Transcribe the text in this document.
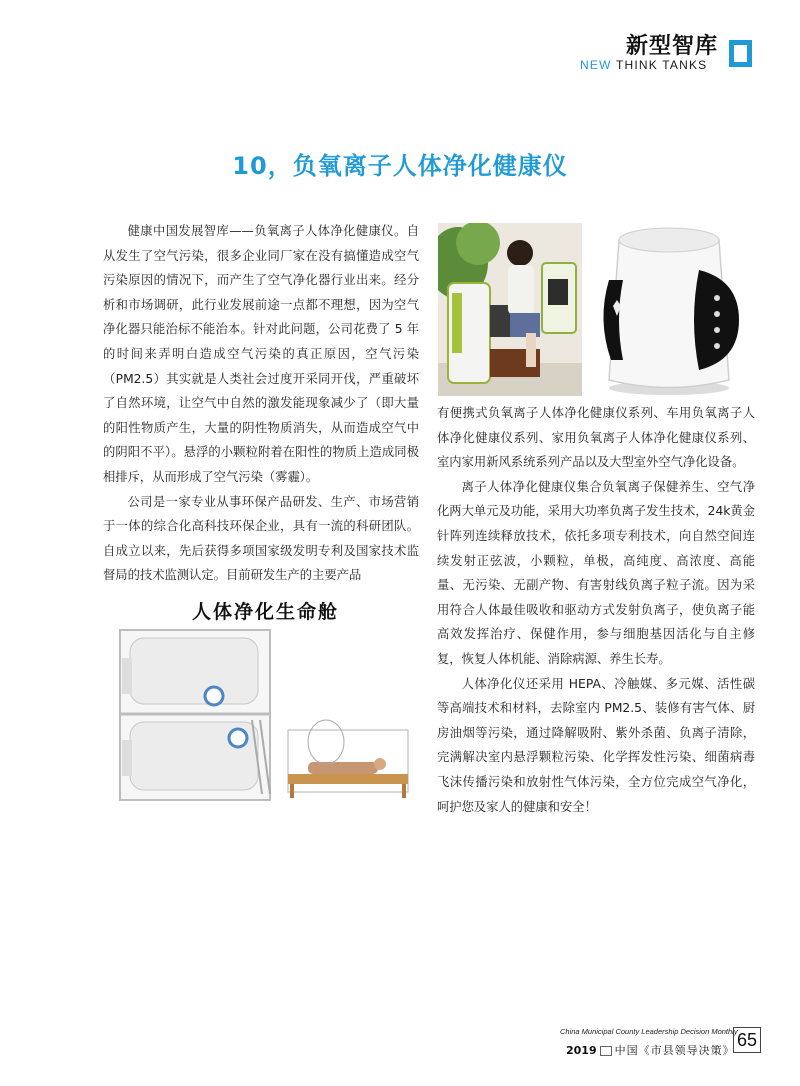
新型智库
NEW THINK TANKS
10，负氧离子人体净化健康仪

健康中国发展智库——负氧离子人体净化健康仪。自从发生了空气污染，很多企业同厂家在没有搞懂造成空气污染原因的情况下，而产生了空气净化器行业出来。经分析和市场调研，此行业发展前途一点都不理想，因为空气净化器只能治标不能治本。针对此问题，公司花费了 5 年的时间来弄明白造成空气污染的真正原因，空气污染（PM2.5）其实就是人类社会过度开采同开伐，严重破坏了自然环境，让空气中自然的激发能现象减少了（即大量的阳性物质产生，大量的阴性物质消失，从而造成空气中的阴阳不平）。悬浮的小颗粒附着在阳性的物质上造成同极相排斥，从而形成了空气污染（雾霾）。

公司是一家专业从事环保产品研发、生产、市场营销于一体的综合化高科技环保企业，具有一流的科研团队。自成立以来，先后获得多项国家级发明专利及国家技术监督局的技术监测认定。目前研发生产的主要产品

有便携式负氧离子人体净化健康仪系列、车用负氧离子人体净化健康仪系列、家用负氧离子人体净化健康仪系列、室内家用新风系统系列产品以及大型室外空气净化设备。

离子人体净化健康仪集合负氧离子保健养生、空气净化两大单元及功能，采用大功率负离子发生技术，24k黄金针阵列连续释放技术，依托多项专利技术，向自然空间连续发射正弦波，小颗粒，单极，高纯度、高浓度、高能量、无污染、无副产物、有害射线负离子粒子流。因为采用符合人体最佳吸收和驱动方式发射负离子，使负离子能高效发挥治疗、保健作用，参与细胞基因活化与自主修复，恢复人体机能、消除病源、养生长寿。

人体净化仪还采用 HEPA、冷触媒、多元媒、活性碳等高端技术和材料，去除室内 PM2.5、装修有害气体、厨房油烟等污染，通过降解吸附、紫外杀菌、负离子清除，完满解决室内悬浮颗粒污染、化学挥发性污染、细菌病毒飞沫传播污染和放射性气体污染，全方位完成空气净化，呵护您及家人的健康和安全！

人体净化生命舱
China Municipal County Leadership Decision Monthly
2019 中国《市县领导决策》
65
